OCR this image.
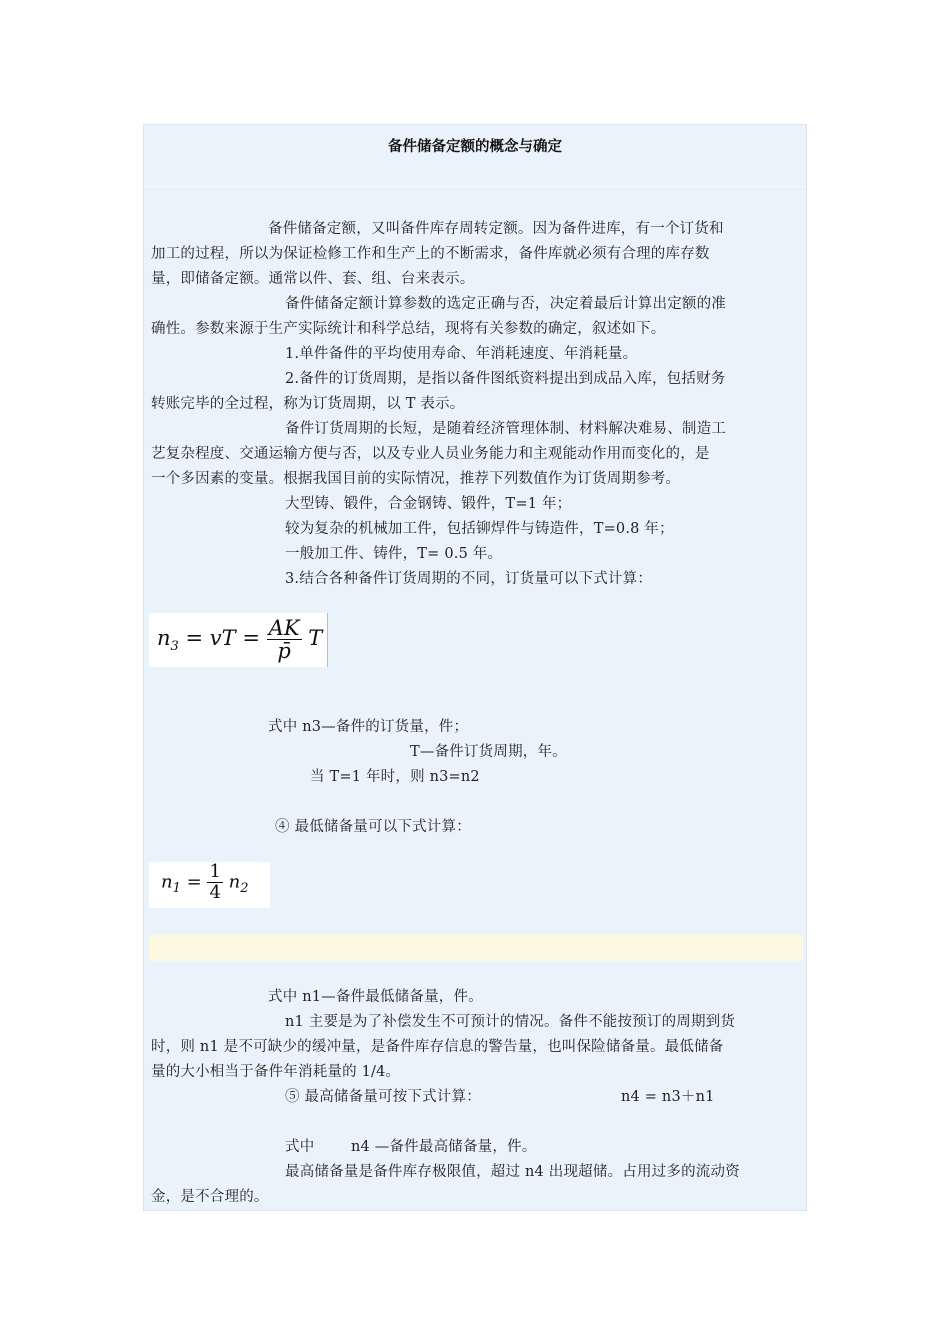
备件储备定额的概念与确定
备件储备定额，又叫备件库存周转定额。因为备件进库，有一个订货和
加工的过程，所以为保证检修工作和生产上的不断需求，备件库就必须有合理的库存数
量，即储备定额。通常以件、套、组、台来表示。
备件储备定额计算参数的选定正确与否，决定着最后计算出定额的准
确性。参数来源于生产实际统计和科学总结，现将有关参数的确定，叙述如下。
1.单件备件的平均使用寿命、年消耗速度、年消耗量。
2.备件的订货周期，是指以备件图纸资料提出到成品入库，包括财务
转账完毕的全过程，称为订货周期，以 T 表示。
备件订货周期的长短，是随着经济管理体制、材料解决难易、制造工
艺复杂程度、交通运输方便与否，以及专业人员业务能力和主观能动作用而变化的，是
一个多因素的变量。根据我国目前的实际情况，推荐下列数值作为订货周期参考。
大型铸、锻件，合金钢铸、锻件，T=1 年；
较为复杂的机械加工件，包括铆焊件与铸造件，T=0.8 年；
一般加工件、铸件，T= 0.5 年。
3.结合各种备件订货周期的不同，订货量可以下式计算：
$n_3$ = vT = $\frac{AK}{p̄}$ T
式中 n3—备件的订货量，件；
T—备件订货周期，年。
当 T=1 年时，则 n3=n2
④ 最低储备量可以下式计算：
$n_1 = \frac{1}{4} n_2$
式中 n1—备件最低储备量，件。
n1 主要是为了补偿发生不可预计的情况。备件不能按预订的周期到货
时，则 n1 是不可缺少的缓冲量，是备件库存信息的警告量，也叫保险储备量。最低储备
量的大小相当于备件年消耗量的 1/4。
⑤ 最高储备量可按下式计算：	n4 = n3＋n1
式中	n4 —备件最高储备量，件。
最高储备量是备件库存极限值，超过 n4 出现超储。占用过多的流动资
金，是不合理的。
